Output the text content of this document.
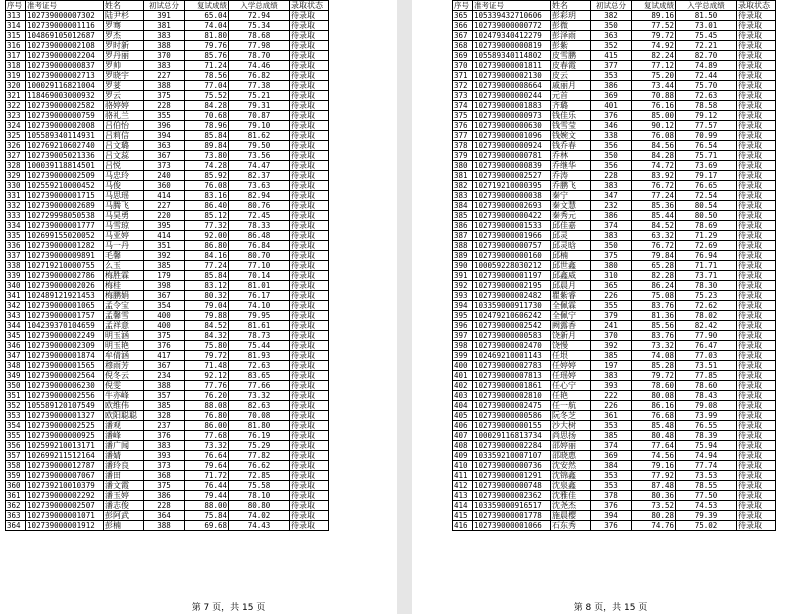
序号	准考证号	姓名	初试总分	复试成绩	入学总成绩	录取状态
313	102739000007302	陆尹杉	391	65.04	72.94	待录取
314	102739000001116	罗骞	381	74.04	75.34	待录取
315	104869105012687	罗杰	383	81.80	78.68	待录取
316	102739000002108	罗时新	388	79.76	77.98	待录取
317	102739000002204	罗丹丽	370	85.76	78.70	待录取
318	102739000000837	罗帅	383	71.24	74.46	待录取
319	102739000002713	罗晓宇	227	78.56	76.82	待录取
320	100029116821004	罗荽	388	77.04	77.38	待录取
321	118469003000932	罗云	375	75.52	75.21	待录取
322	102739000002582	骆婷婷	228	84.28	79.31	待录取
323	102739000000759	骆礼兰	355	70.68	70.87	待录取
324	102739000002008	吕伯怡	396	78.96	79.10	待录取
325	105589340114931	吕莉信	394	85.84	81.62	待录取
326	102769210602740	吕文璐	363	89.84	79.50	待录取
327	102739005021336	吕文蕊	367	73.80	73.56	待录取
328	100039118814501	吕悦	373	74.28	74.47	待录取
329	102739000002509	马忠玲	240	85.92	82.37	待录取
330	102559210000452	马俊	360	76.08	73.63	待录取
331	102739000001715	马思瑶	414	83.16	82.94	待录取
332	102739000002689	马腾飞	227	86.40	80.76	待录取
333	102729998050538	马昊勇	220	85.12	72.45	待录取
334	102739000001777	马雪琼	395	77.32	78.33	待录取
335	102699155020052	马亚婷	414	92.00	86.48	待录取
336	102739000001282	马一丹	351	86.80	76.84	待录取
337	102739000009891	毛馨	392	84.16	80.70	待录取
338	102719210000755	么玉	385	77.24	77.10	待录取
339	102739000002786	梅胜霖	179	85.84	70.14	待录取
340	102739000002026	梅桂	398	83.12	81.01	待录取
341	102489121921453	梅鹏娟	367	80.32	76.17	待录取
342	102739000001065	孟令宝	354	79.04	74.10	待录取
343	102739000001757	孟馨雪	400	79.88	79.95	待录取
344	104239370104659	孟祥意	400	84.52	81.61	待录取
345	102739000002249	明玉涵	375	84.32	78.73	待录取
346	102739000002309	明玉艳	376	75.80	75.44	待录取
347	102739000001874	牟倩涵	417	79.72	81.93	待录取
348	102739000001565	穆雨芳	367	71.48	72.63	待录取
349	102739000002564	倪冬云	234	92.12	83.65	待录取
350	102739000006230	倪雯	388	77.76	77.66	待录取
351	102739000002556	牛亦峰	357	76.20	73.32	待录取
352	105589120107549	欧维伟	385	88.08	82.63	待录取
353	102739000001327	欧阳聪聪	328	76.80	70.08	待录取
354	102739000002525	潘观	237	86.00	81.80	待录取
355	102739000000925	潘峰	376	77.68	76.19	待录取
356	102599210013171	潘广闻	383	73.32	75.29	待录取
357	102699211512164	潘婧	393	76.64	77.82	待录取
358	102739000012787	潘玲良	373	79.64	76.62	待录取
359	102739000007067	潘田	368	71.72	72.85	待录取
360	102739210010379	潘文霞	375	76.44	75.58	待录取
361	102739000002292	潘玉婷	386	79.44	78.10	待录取
362	102739000002507	潘志俊	228	88.00	80.80	待录取
363	102739000001071	彭阿武	364	75.84	74.02	待录取
364	102739000001912	彭楠	388	69.68	74.43	待录取
第 7 页，共 15 页
序号	准考证号	姓名	初试总分	复试成绩	入学总成绩	录取状态
365	105339432710606	彭彩玥	382	89.16	81.50	待录取
366	102739000000772	彭微	350	77.52	73.01	待录取
367	102479340412279	彭泽雨	363	79.72	75.45	待录取
368	102739000000819	彭紫	352	74.92	72.21	待录取
369	105589340114802	皮雪鹏	415	82.24	82.70	待录取
370	102739000001811	皮春霞	377	77.12	74.89	待录取
371	102739000002130	皮云	353	75.20	72.44	待录取
372	102739000008664	戚丽月	386	73.44	75.70	待录取
373	102739000000244	元首	369	70.88	72.63	待录取
374	102739000001883	齐璐	401	76.16	78.58	待录取
375	102739000000973	钱佳乐	376	85.00	79.12	待录取
376	102739000000630	钱雪莹	346	90.12	77.57	待录取
377	102739000001096	钱婉文	338	76.08	70.99	待录取
378	102739000000924	钱乔春	356	84.56	76.54	待录取
379	102739000000781	乔林	350	84.28	75.71	待录取
380	102739000000839	乔继华	356	74.72	73.69	待录取
381	102739000002527	乔涛	228	83.92	79.17	待录取
382	102719210000395	乔鹏飞	383	76.72	76.65	待录取
383	102739000000038	秦宁	347	77.24	72.54	待录取
384	102739000002693	秦文慧	232	85.36	80.54	待录取
385	102739000000422	秦秀元	386	85.44	80.50	待录取
386	102739000001533	邱佳嘉	374	84.52	78.69	待录取
387	102739000001966	邱灵	383	63.32	71.29	待录取
388	102739000000757	邱灵晗	350	76.72	72.69	待录取
389	102739000000160	邱楠	375	79.84	76.94	待录取
390	100059228030212	邱世鑫	380	65.28	71.71	待录取
391	102739000001197	邱鑫威	310	82.28	73.71	待录取
392	102739000002195	邱晨月	365	86.24	78.30	待录取
393	102739000002482	瞿紫睿	226	75.08	75.23	待录取
394	103359000911730	全佩霖	355	83.76	72.62	待录取
395	102479210606242	全佩宁	379	81.36	78.02	待录取
396	102739000002542	阙露香	241	85.56	82.42	待录取
397	102739000000583	饶新月	370	83.76	77.90	待录取
398	102739000002470	饶慢	392	73.32	76.47	待录取
399	102469210001143	任垠	385	74.08	77.03	待录取
400	102739000002783	任婷婷	197	85.28	73.51	待录取
401	102739000007813	任瑶婷	383	79.72	77.85	待录取
402	102739000001861	任心宁	393	78.60	78.60	待录取
403	102739000002810	任艳	222	80.08	78.43	待录取
404	102739000002475	任一航	226	86.16	79.08	待录取
405	102739000000586	阮冬芝	361	76.68	73.99	待录取
406	102739000000155	沙大树	353	85.48	76.55	待录取
407	100029116813734	尚思扬	385	80.48	78.39	待录取
408	102739000002284	邵婷丽	374	77.64	75.94	待录取
409	103359210007107	邵晓惠	369	74.56	74.94	待录取
410	102739000000736	沈安然	384	79.16	77.74	待录取
411	102739000001291	沈锦鑫	353	77.92	73.53	待录取
412	102739000000748	沈泉鑫	353	87.48	78.55	待录取
413	102739000002362	沈雅佳	378	80.36	77.50	待录取
414	103359000916517	沈尧杰	376	73.52	74.53	待录取
415	102739000001778	施晨樱	394	80.28	79.39	待录取
416	102739000001066	石东秀	376	74.76	75.02	待录取
第 8 页，共 15 页
